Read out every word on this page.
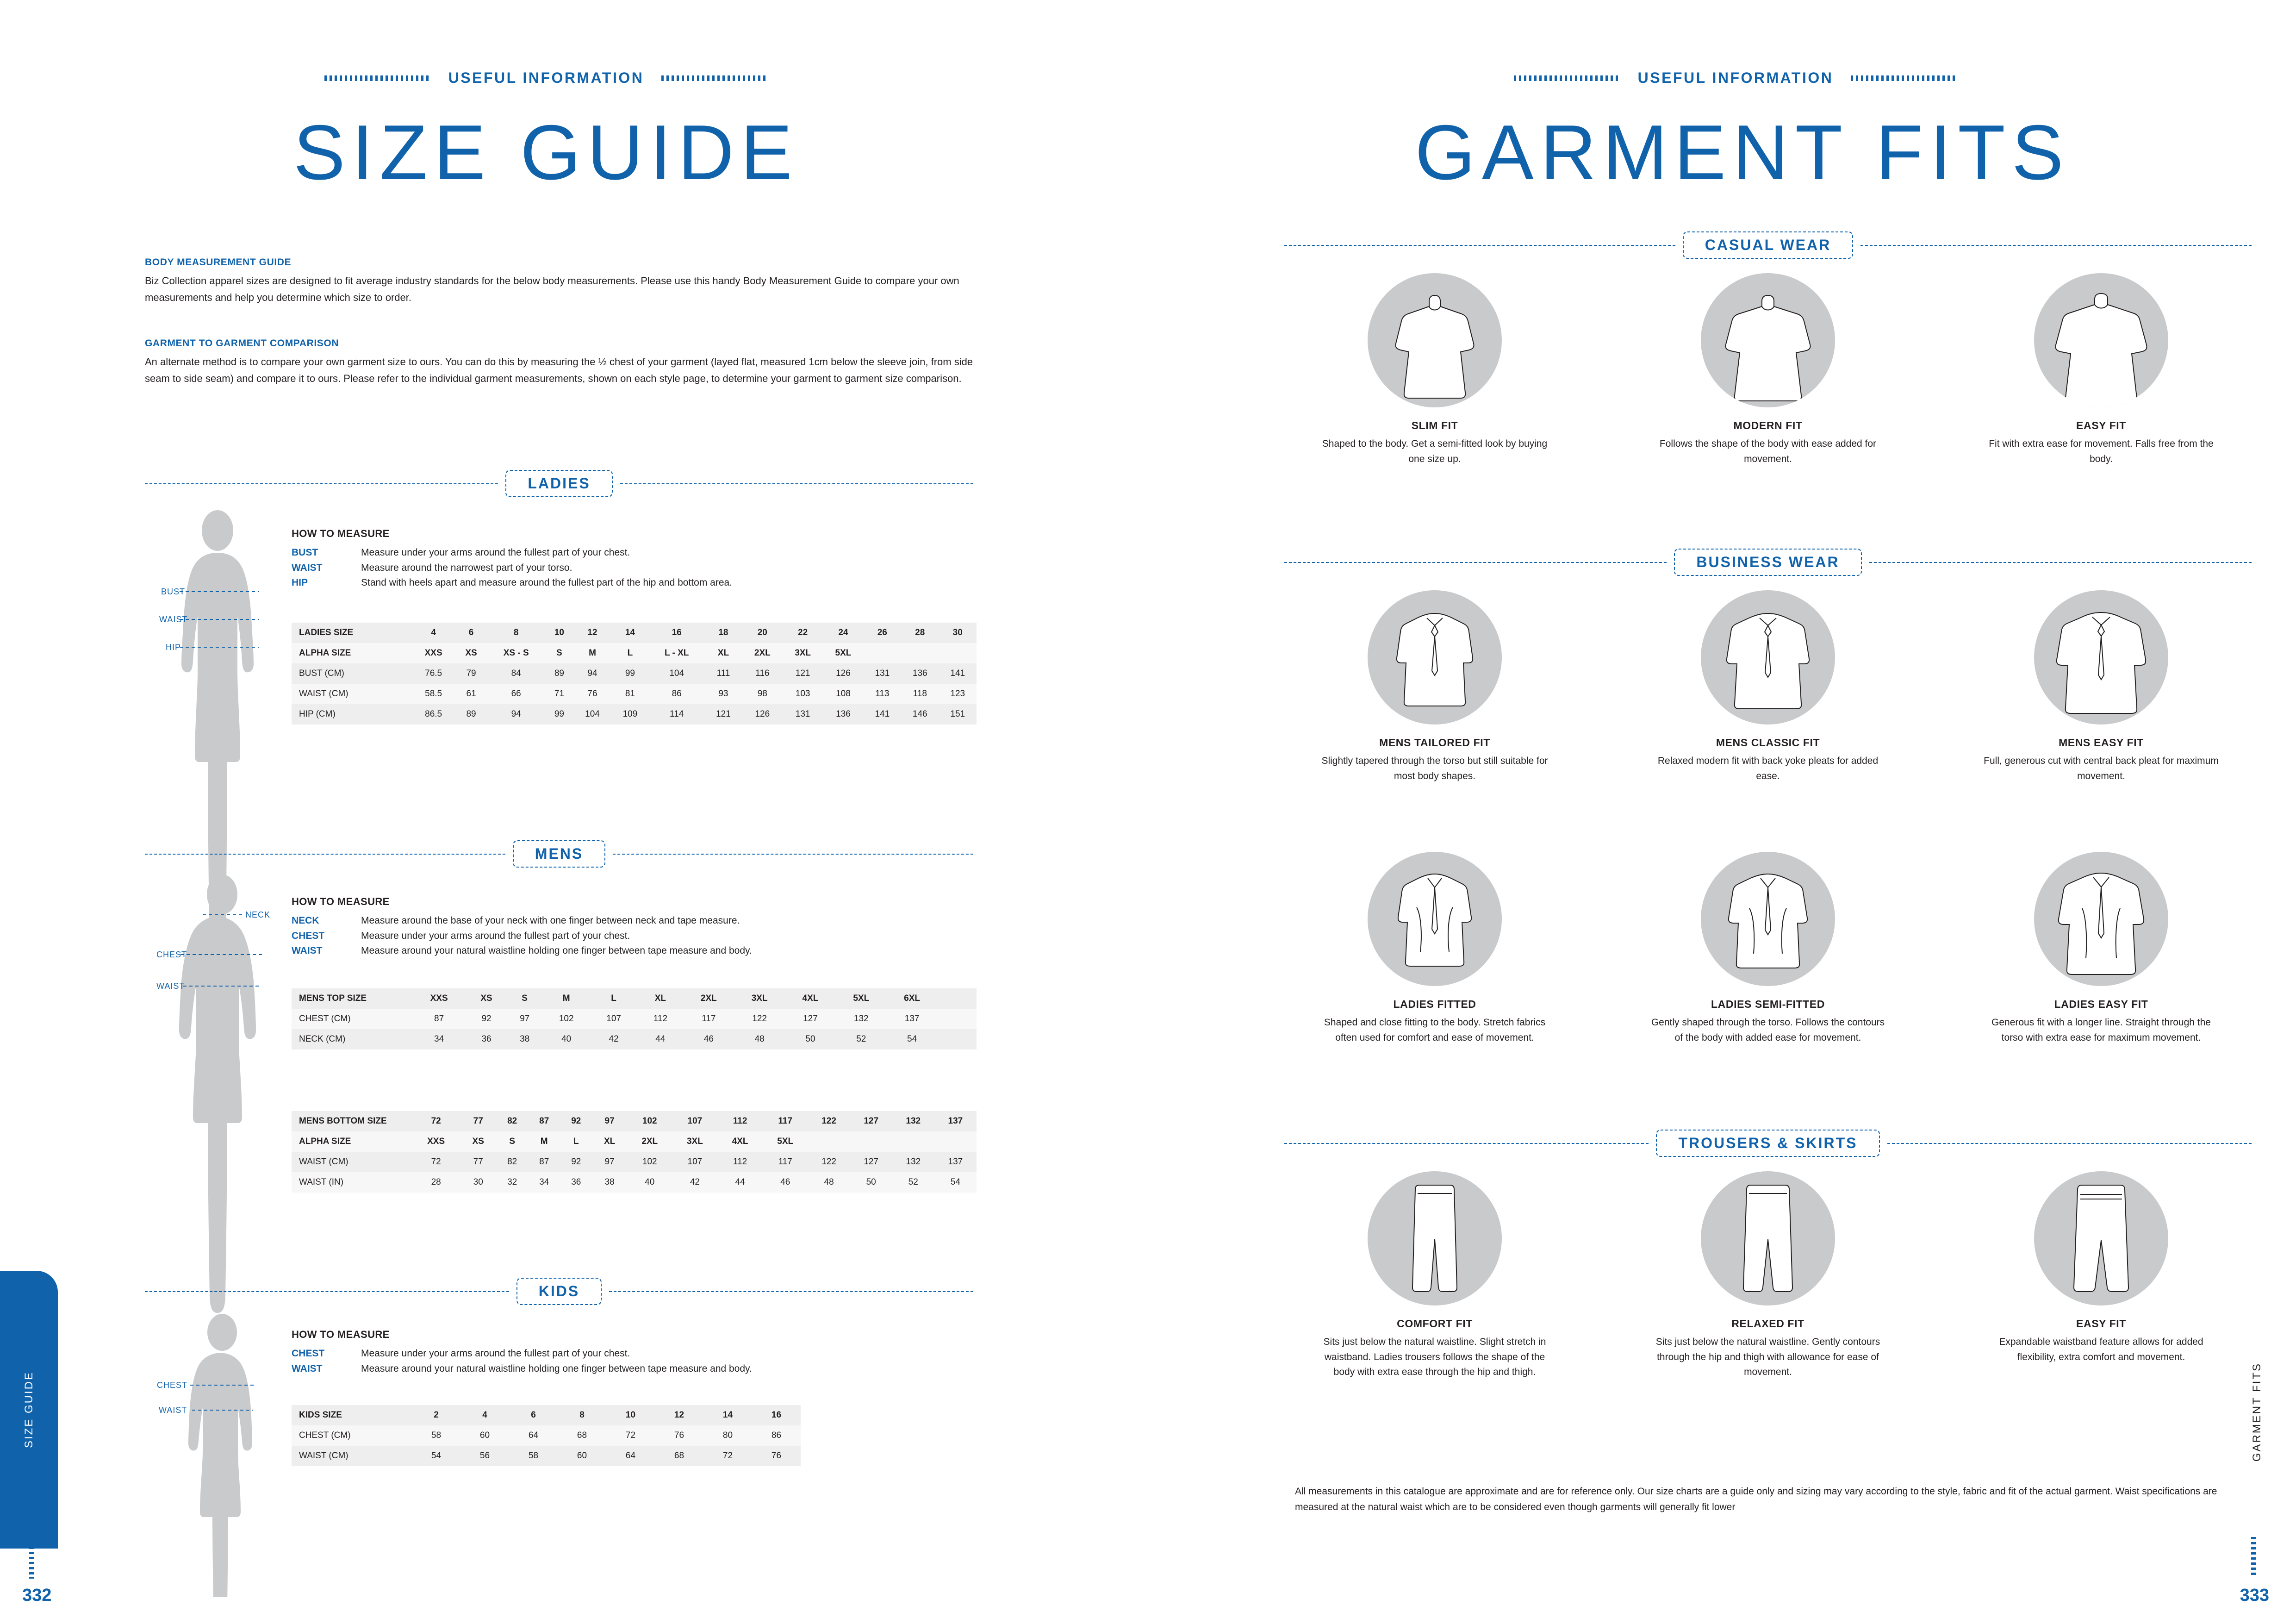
USEFUL INFORMATION
SIZE GUIDE
BODY MEASUREMENT GUIDE
Biz Collection apparel sizes are designed to fit average industry standards for the below body measurements. Please use this handy Body Measurement Guide to compare your own measurements and help you determine which size to order.
GARMENT TO GARMENT COMPARISON
An alternate method is to compare your own garment size to ours. You can do this by measuring the ½ chest of your garment (layed flat, measured 1cm below the sleeve join, from side seam to side seam) and compare it to ours. Please refer to the individual garment measurements, shown on each style page, to determine your garment to garment size comparison.
LADIES
BUST
WAIST
HIP
HOW TO MEASURE
BUST	Measure under your arms around the fullest part of your chest.
WAIST	Measure around the narrowest part of your torso.
HIP	Stand with heels apart and measure around the fullest part of the hip and bottom area.
LADIES SIZE	4	6	8	10	12	14	16	18	20	22	24	26	28	30
ALPHA SIZE	XXS	XS	XS - S	S	M	L	L - XL	XL	2XL	3XL	5XL			
BUST (CM)	76.5	79	84	89	94	99	104	111	116	121	126	131	136	141
WAIST (CM)	58.5	61	66	71	76	81	86	93	98	103	108	113	118	123
HIP (CM)	86.5	89	94	99	104	109	114	121	126	131	136	141	146	151
MENS
NECK
CHEST
WAIST
HOW TO MEASURE
NECK	Measure around the base of your neck with one finger between neck and tape measure.
CHEST	Measure under your arms around the fullest part of your chest.
WAIST	Measure around your natural waistline holding one finger between tape measure and body.
MENS TOP SIZE	XXS	XS	S	M	L	XL	2XL	3XL	4XL	5XL	6XL			
CHEST (CM)	87	92	97	102	107	112	117	122	127	132	137			
NECK (CM)	34	36	38	40	42	44	46	48	50	52	54			
MENS BOTTOM SIZE	72	77	82	87	92	97	102	107	112	117	122	127	132	137
ALPHA SIZE	XXS	XS	S	M	L	XL	2XL	3XL	4XL	5XL				
WAIST (CM)	72	77	82	87	92	97	102	107	112	117	122	127	132	137
WAIST (IN)	28	30	32	34	36	38	40	42	44	46	48	50	52	54
KIDS
CHEST
WAIST
HOW TO MEASURE
CHEST	Measure under your arms around the fullest part of your chest.
WAIST	Measure around your natural waistline holding one finger between tape measure and body.
KIDS SIZE	2	4	6	8	10	12	14	16
CHEST (CM)	58	60	64	68	72	76	80	86
WAIST (CM)	54	56	58	60	64	68	72	76
SIZE GUIDE
332
USEFUL INFORMATION
GARMENT FITS
CASUAL WEAR
SLIM FIT
Shaped to the body. Get a semi-fitted look by buying one size up.
MODERN FIT
Follows the shape of the body with ease added for movement.
EASY FIT
Fit with extra ease for movement. Falls free from the body.
BUSINESS WEAR
MENS TAILORED FIT
Slightly tapered through the torso but still suitable for most body shapes.
MENS CLASSIC FIT
Relaxed modern fit with back yoke pleats for added ease.
MENS EASY FIT
Full, generous cut with central back pleat for maximum movement.
LADIES FITTED
Shaped and close fitting to the body. Stretch fabrics often used for comfort and ease of movement.
LADIES SEMI-FITTED
Gently shaped through the torso. Follows the contours of the body with added ease for movement.
LADIES EASY FIT
Generous fit with a longer line. Straight through the torso with extra ease for maximum movement.
TROUSERS & SKIRTS
COMFORT FIT
Sits just below the natural waistline. Slight stretch in waistband. Ladies trousers follows the shape of the body with extra ease through the hip and thigh.
RELAXED FIT
Sits just below the natural waistline. Gently contours through the hip and thigh with allowance for ease of movement.
EASY FIT
Expandable waistband feature allows for added flexibility, extra comfort and movement.
All measurements in this catalogue are approximate and are for reference only. Our size charts are a guide only and sizing may vary according to the style, fabric and fit of the actual garment. Waist specifications are measured at the natural waist which are to be considered even though garments will generally fit lower
GARMENT FITS
333
